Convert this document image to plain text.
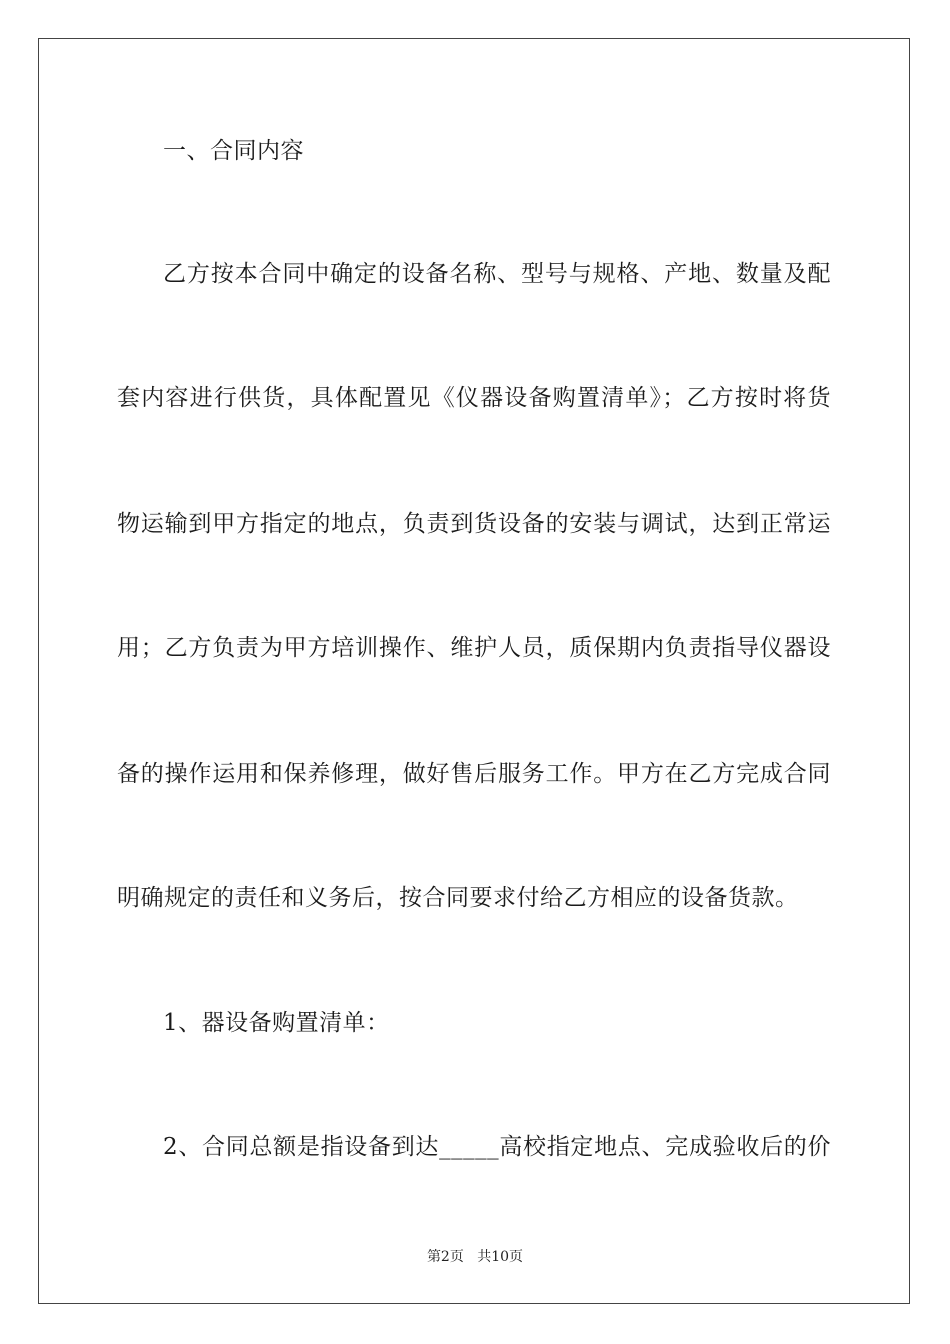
一、合同内容
乙方按本合同中确定的设备名称、型号与规格、产地、数量及配
套内容进行供货，具体配置见《仪器设备购置清单》；乙方按时将货
物运输到甲方指定的地点，负责到货设备的安装与调试，达到正常运
用；乙方负责为甲方培训操作、维护人员，质保期内负责指导仪器设
备的操作运用和保养修理，做好售后服务工作。甲方在乙方完成合同
明确规定的责任和义务后，按合同要求付给乙方相应的设备货款。
1、器设备购置清单：
2、合同总额是指设备到达_____高校指定地点、完成验收后的价
第2页 共10页
